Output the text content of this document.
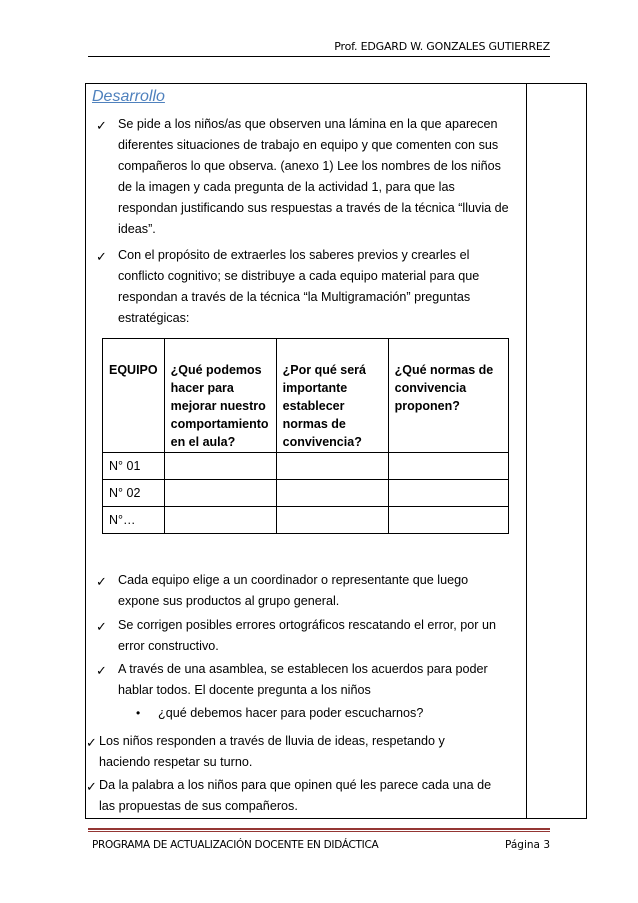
Prof. EDGARD W. GONZALES GUTIERREZ
Desarrollo
✓ Se pide a los niños/as que observen una lámina en la que aparecen
diferentes situaciones de trabajo en equipo y que comenten con sus
compañeros lo que observa. (anexo 1) Lee los nombres de los niños
de la imagen y cada pregunta de la actividad 1, para que las
respondan justificando sus respuestas a través de la técnica “lluvia de
ideas”.
✓ Con el propósito de extraerles los saberes previos y crearles el
conflicto cognitivo; se distribuye a cada equipo material para que
respondan a través de la técnica “la Multigramación” preguntas
estratégicas:
EQUIPO	¿Qué podemos hacer para mejorar nuestro comportamiento en el aula?	¿Por qué será importante establecer normas de convivencia?	¿Qué normas de convivencia proponen?
N° 01			
N° 02			
N°…			
✓ Cada equipo elige a un coordinador o representante que luego
expone sus productos al grupo general.
✓ Se corrigen posibles errores ortográficos rescatando el error, por un
error constructivo.
✓ A través de una asamblea, se establecen los acuerdos para poder
hablar todos. El docente pregunta a los niños
• ¿qué debemos hacer para poder escucharnos?
✓ Los niños responden a través de lluvia de ideas, respetando y
haciendo respetar su turno.
✓ Da la palabra a los niños para que opinen qué les parece cada una de
las propuestas de sus compañeros.
PROGRAMA DE ACTUALIZACIÓN DOCENTE EN DIDÁCTICA	Página 3
